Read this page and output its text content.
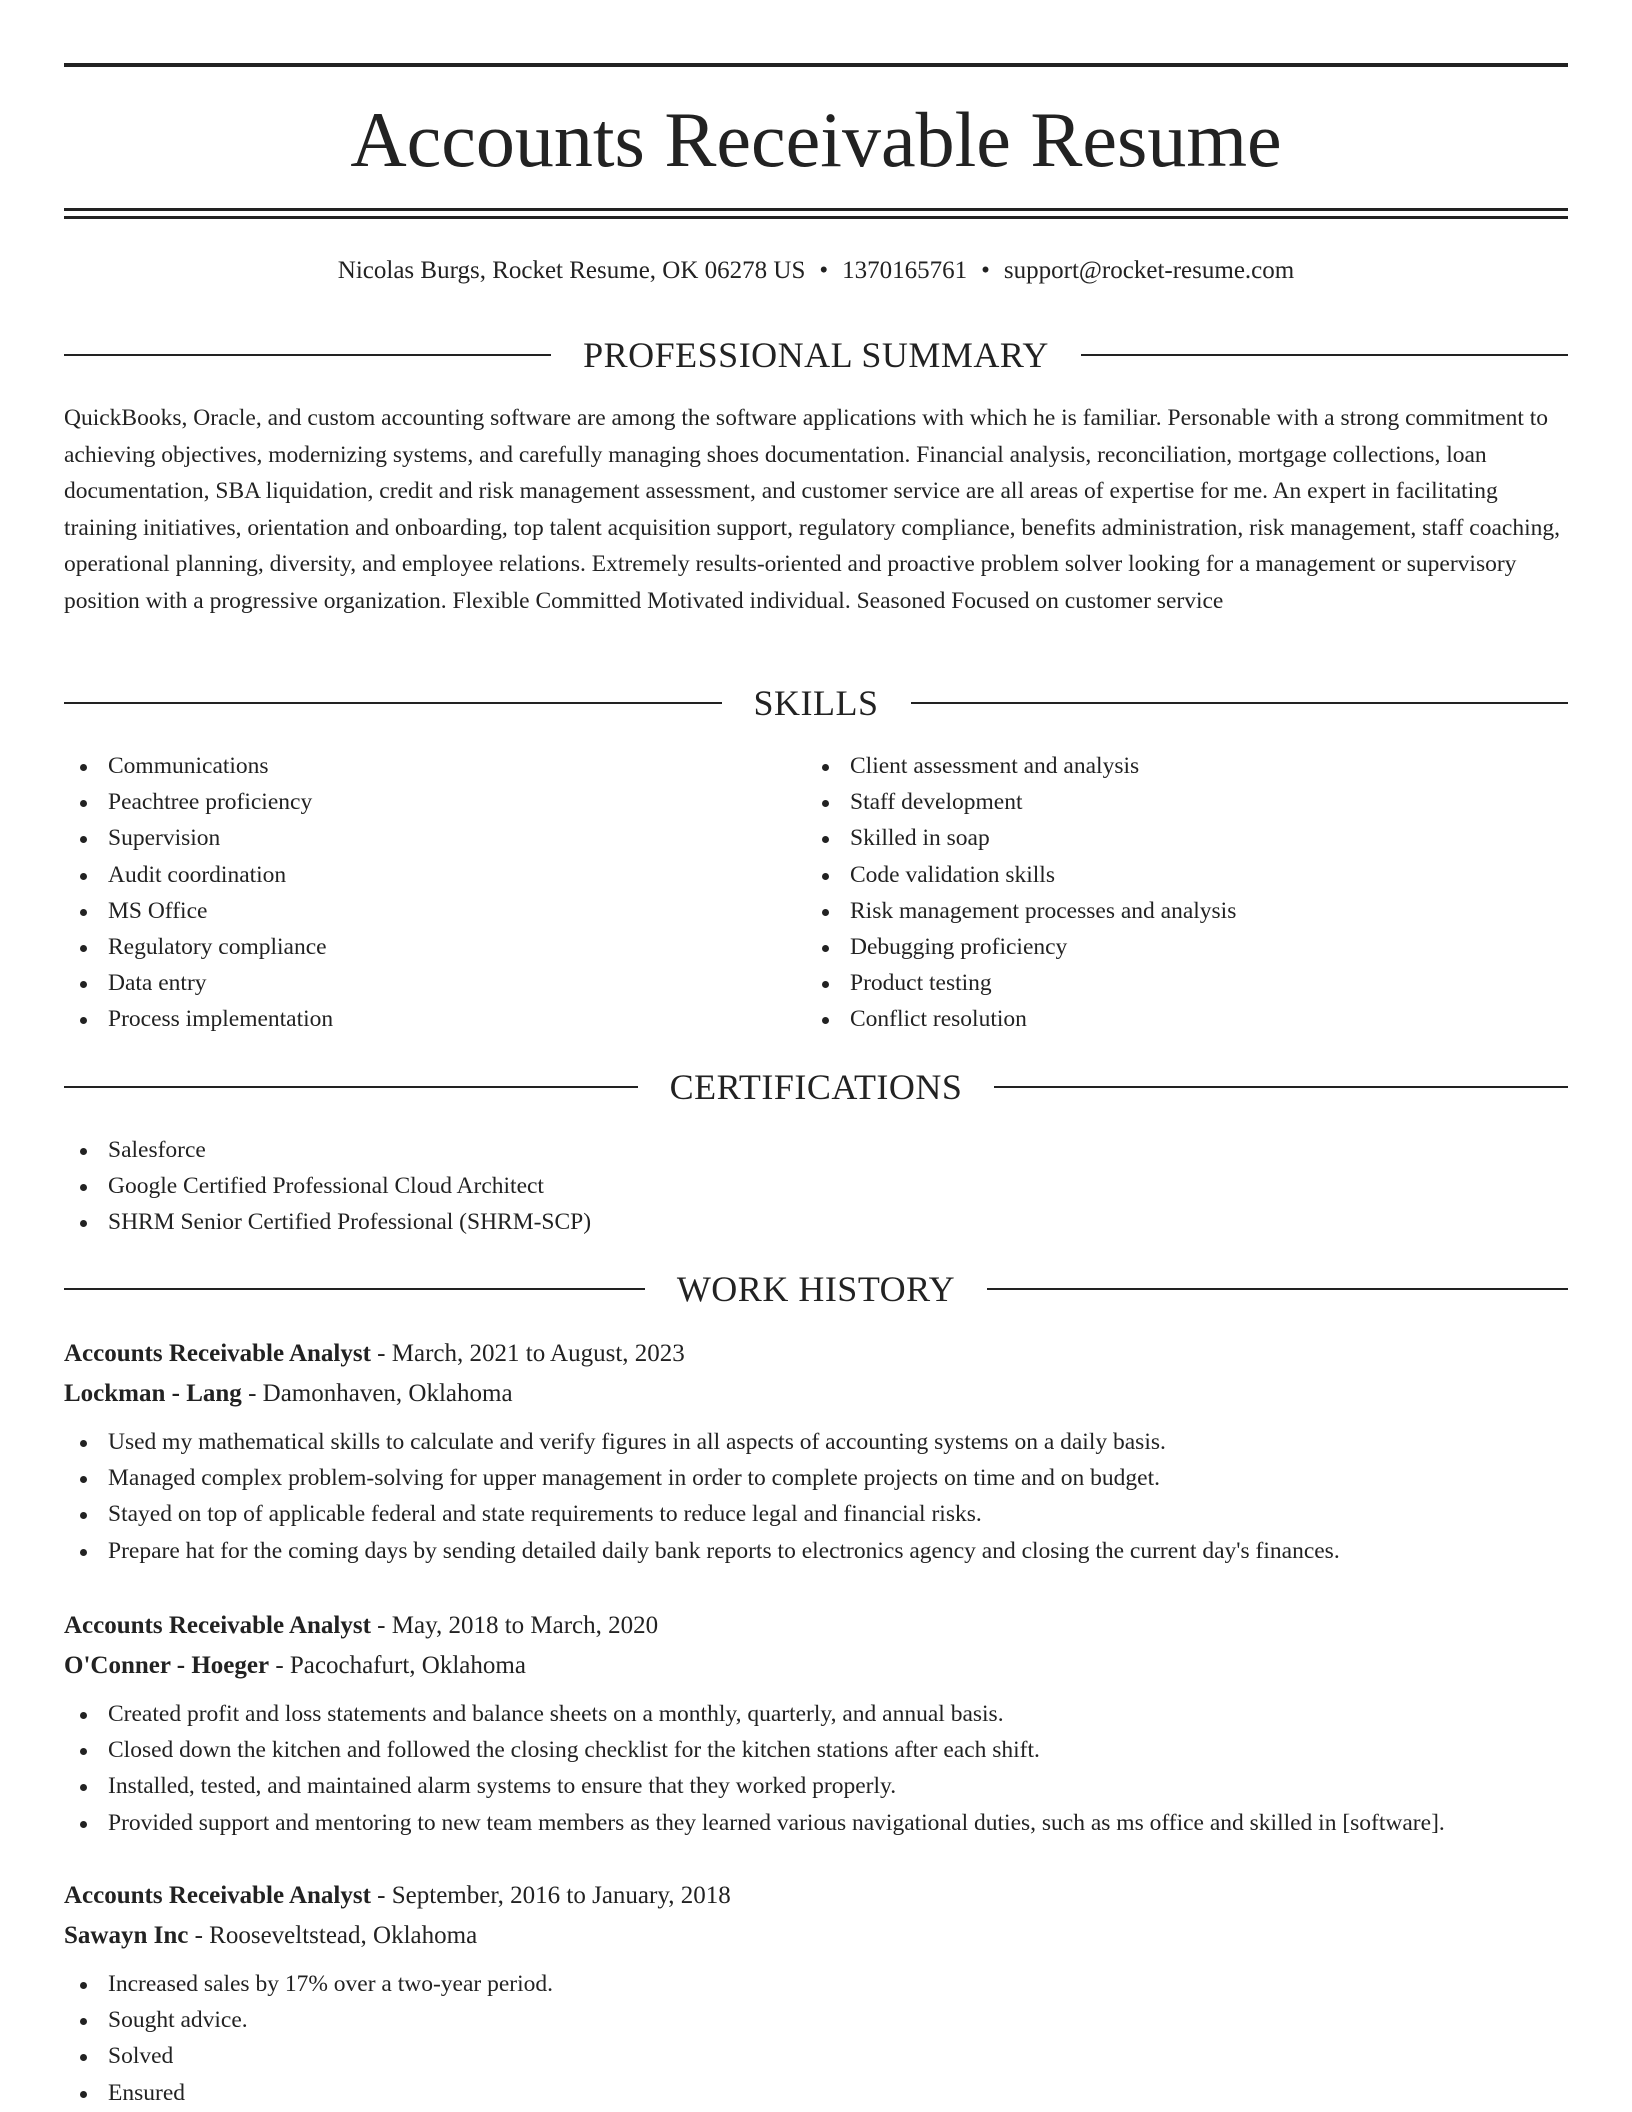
Accounts Receivable Resume
Nicolas Burgs, Rocket Resume, OK 06278 US • 1370165761 • support@rocket-resume.com
PROFESSIONAL SUMMARY
QuickBooks, Oracle, and custom accounting software are among the software applications with which he is familiar. Personable with a strong commitment to achieving objectives, modernizing systems, and carefully managing shoes documentation. Financial analysis, reconciliation, mortgage collections, loan documentation, SBA liquidation, credit and risk management assessment, and customer service are all areas of expertise for me. An expert in facilitating training initiatives, orientation and onboarding, top talent acquisition support, regulatory compliance, benefits administration, risk management, staff coaching, operational planning, diversity, and employee relations. Extremely results-oriented and proactive problem solver looking for a management or supervisory position with a progressive organization. Flexible Committed Motivated individual. Seasoned Focused on customer service
SKILLS
Communications
Peachtree proficiency
Supervision
Audit coordination
MS Office
Regulatory compliance
Data entry
Process implementation
Client assessment and analysis
Staff development
Skilled in soap
Code validation skills
Risk management processes and analysis
Debugging proficiency
Product testing
Conflict resolution
CERTIFICATIONS
Salesforce
Google Certified Professional Cloud Architect
SHRM Senior Certified Professional (SHRM-SCP)
WORK HISTORY
Accounts Receivable Analyst - March, 2021 to August, 2023
Lockman - Lang - Damonhaven, Oklahoma
Used my mathematical skills to calculate and verify figures in all aspects of accounting systems on a daily basis.
Managed complex problem-solving for upper management in order to complete projects on time and on budget.
Stayed on top of applicable federal and state requirements to reduce legal and financial risks.
Prepare hat for the coming days by sending detailed daily bank reports to electronics agency and closing the current day's finances.
Accounts Receivable Analyst - May, 2018 to March, 2020
O'Conner - Hoeger - Pacochafurt, Oklahoma
Created profit and loss statements and balance sheets on a monthly, quarterly, and annual basis.
Closed down the kitchen and followed the closing checklist for the kitchen stations after each shift.
Installed, tested, and maintained alarm systems to ensure that they worked properly.
Provided support and mentoring to new team members as they learned various navigational duties, such as ms office and skilled in [software].
Accounts Receivable Analyst - September, 2016 to January, 2018
Sawayn Inc - Rooseveltstead, Oklahoma
Increased sales by 17% over a two-year period.
Sought advice.
Solved
Ensured
